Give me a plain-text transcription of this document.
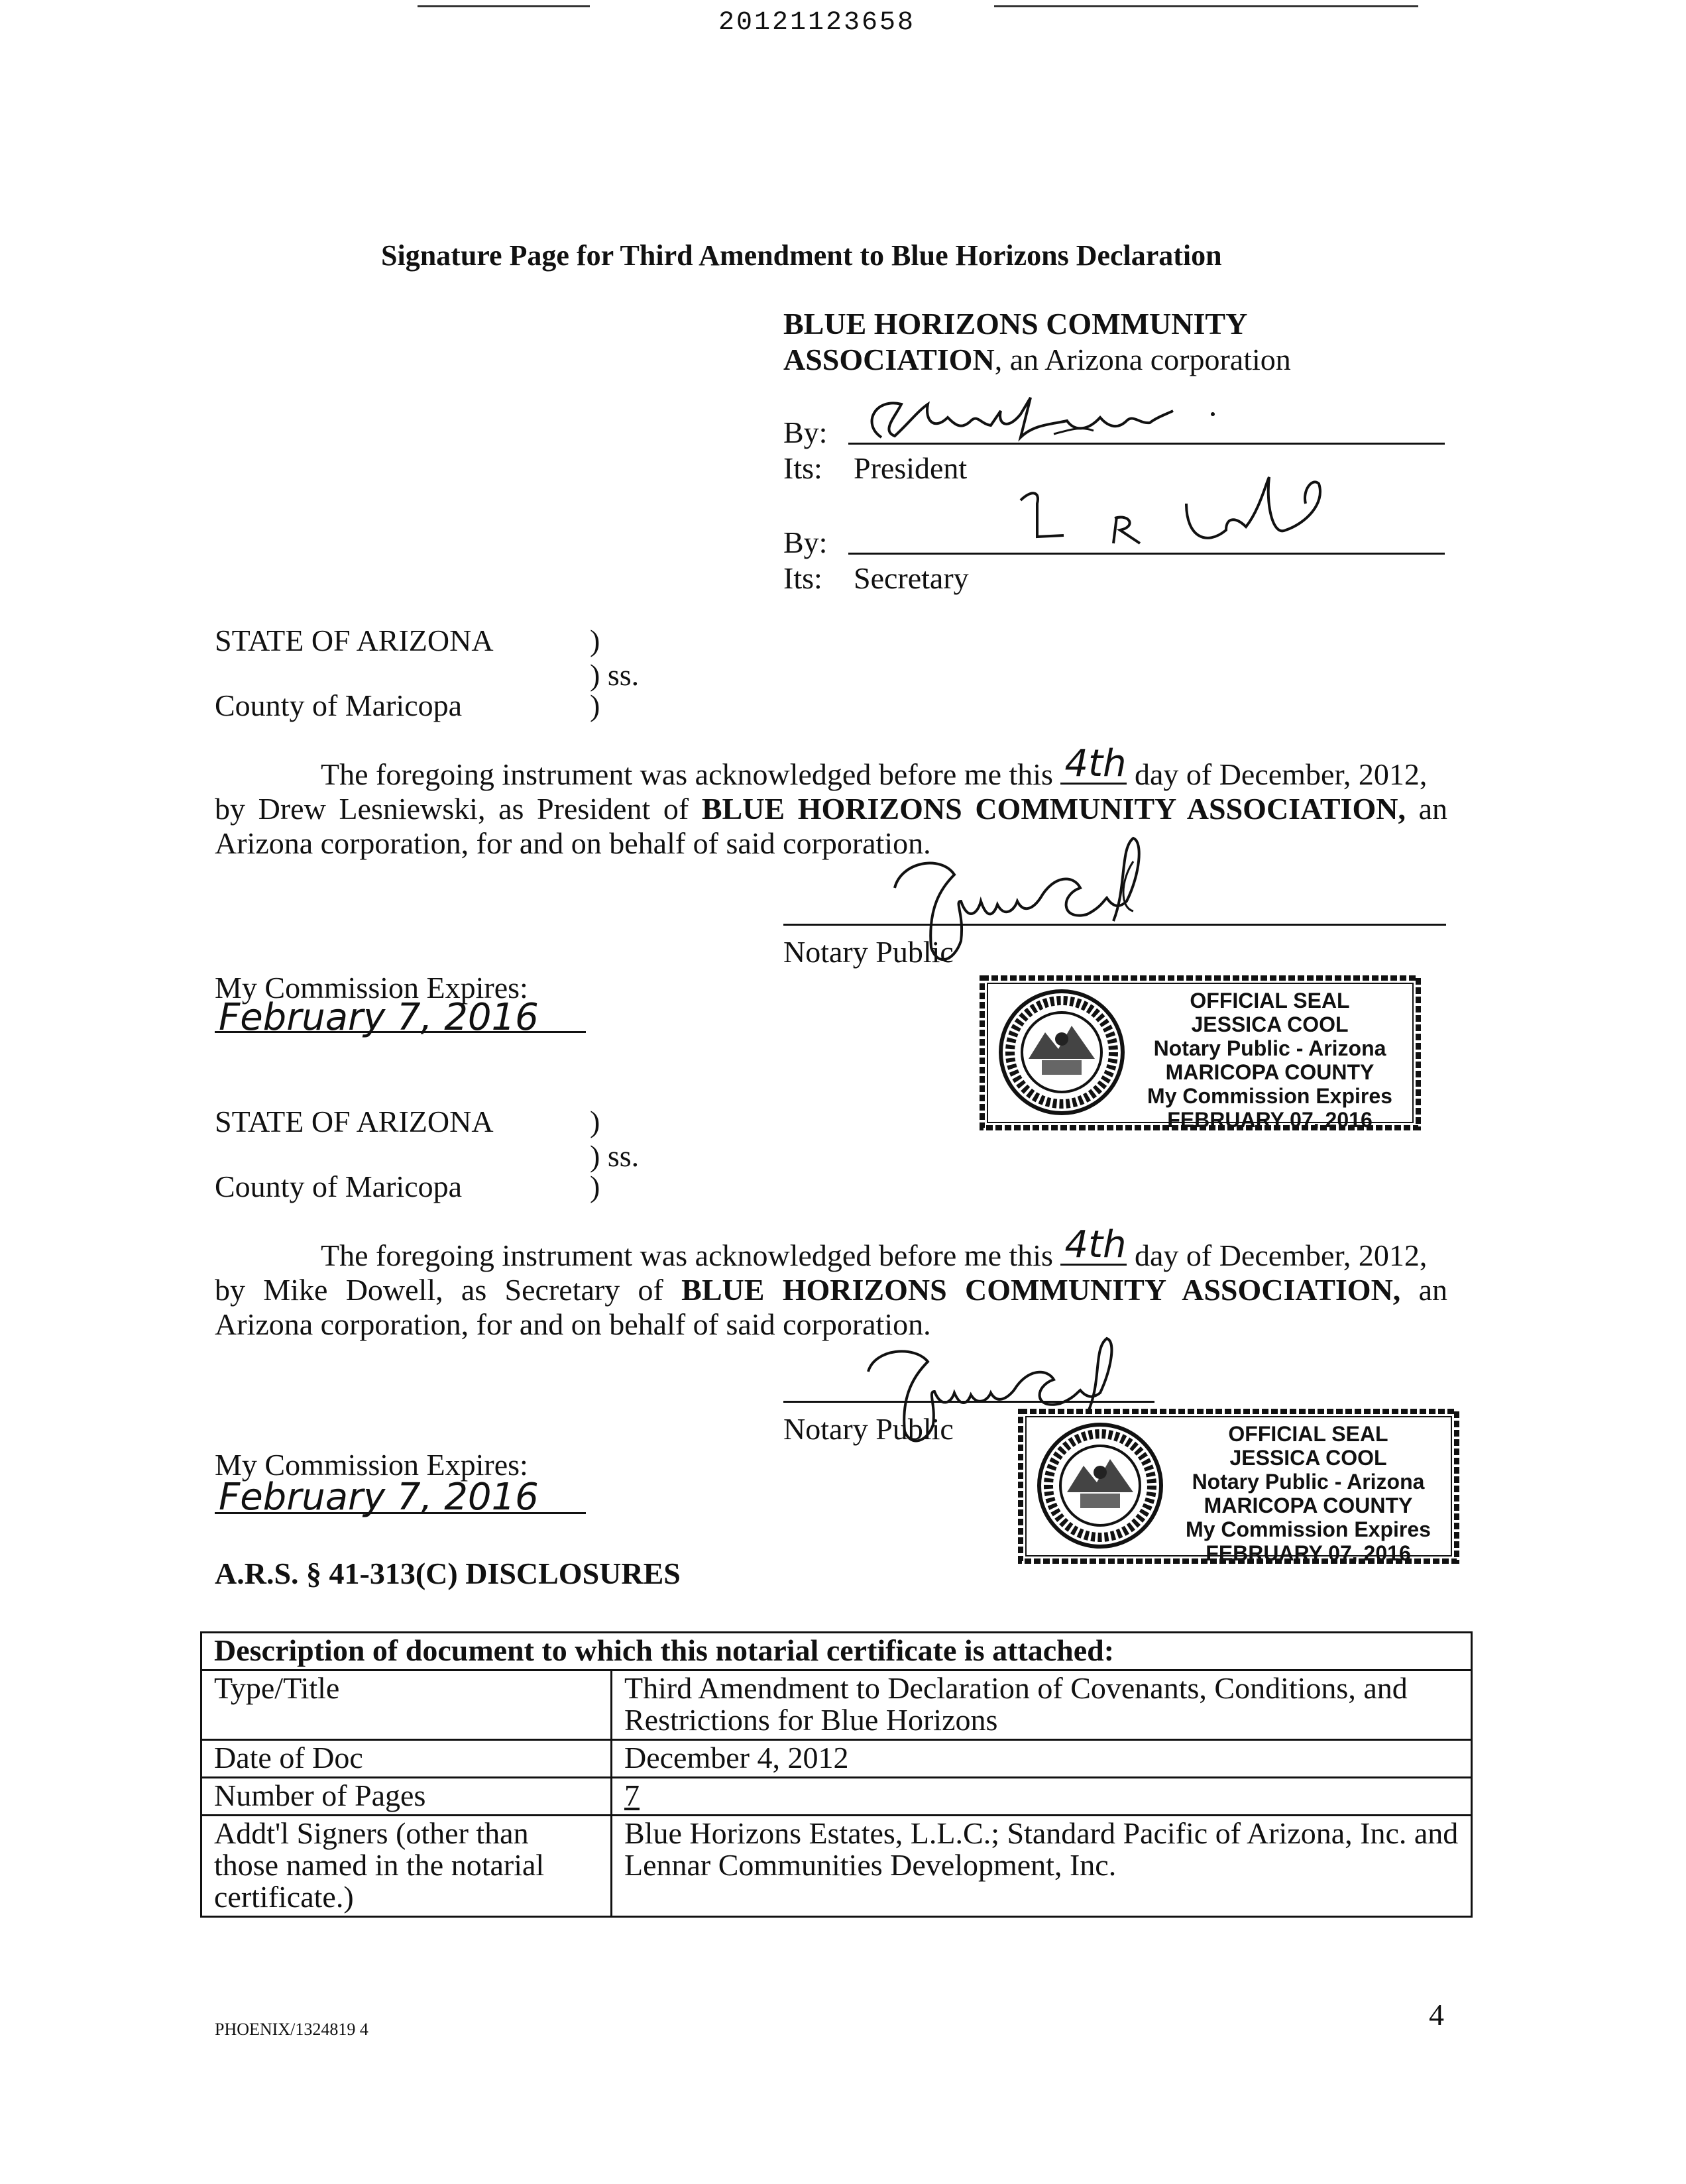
20121123658
Signature Page for Third Amendment to Blue Horizons Declaration
BLUE HORIZONS COMMUNITY
ASSOCIATION, an Arizona corporation
By:
Its: President
By:
Its: Secretary
STATE OF ARIZONA	)
) ss.
County of Maricopa	)
The foregoing instrument was acknowledged before me this 4th day of December, 2012,
by Drew Lesniewski, as President of BLUE HORIZONS COMMUNITY ASSOCIATION, an
Arizona corporation, for and on behalf of said corporation.
Notary Public
My Commission Expires:
February 7, 2016	OFFICIAL SEAL
JESSICA COOL
Notary Public - Arizona
MARICOPA COUNTY
My Commission Expires
FEBRUARY 07, 2016
STATE OF ARIZONA	)
) ss.
County of Maricopa	)
The foregoing instrument was acknowledged before me this 4th day of December, 2012,
by Mike Dowell, as Secretary of BLUE HORIZONS COMMUNITY ASSOCIATION, an
Arizona corporation, for and on behalf of said corporation.
Notary Public
My Commission Expires:
February 7, 2016
OFFICIAL SEAL
JESSICA COOL
Notary Public - Arizona
MARICOPA COUNTY
My Commission Expires
FEBRUARY 07, 2016
A.R.S. § 41-313(C) DISCLOSURES
Description of document to which this notarial certificate is attached:	
Type/Title	Third Amendment to Declaration of Covenants, Conditions, and Restrictions for Blue Horizons
Date of Doc	December 4, 2012
Number of Pages	7
Addt'l Signers (other than those named in the notarial certificate.)	Blue Horizons Estates, L.L.C.; Standard Pacific of Arizona, Inc. and Lennar Communities Development, Inc.
PHOENIX/1324819 4	4
